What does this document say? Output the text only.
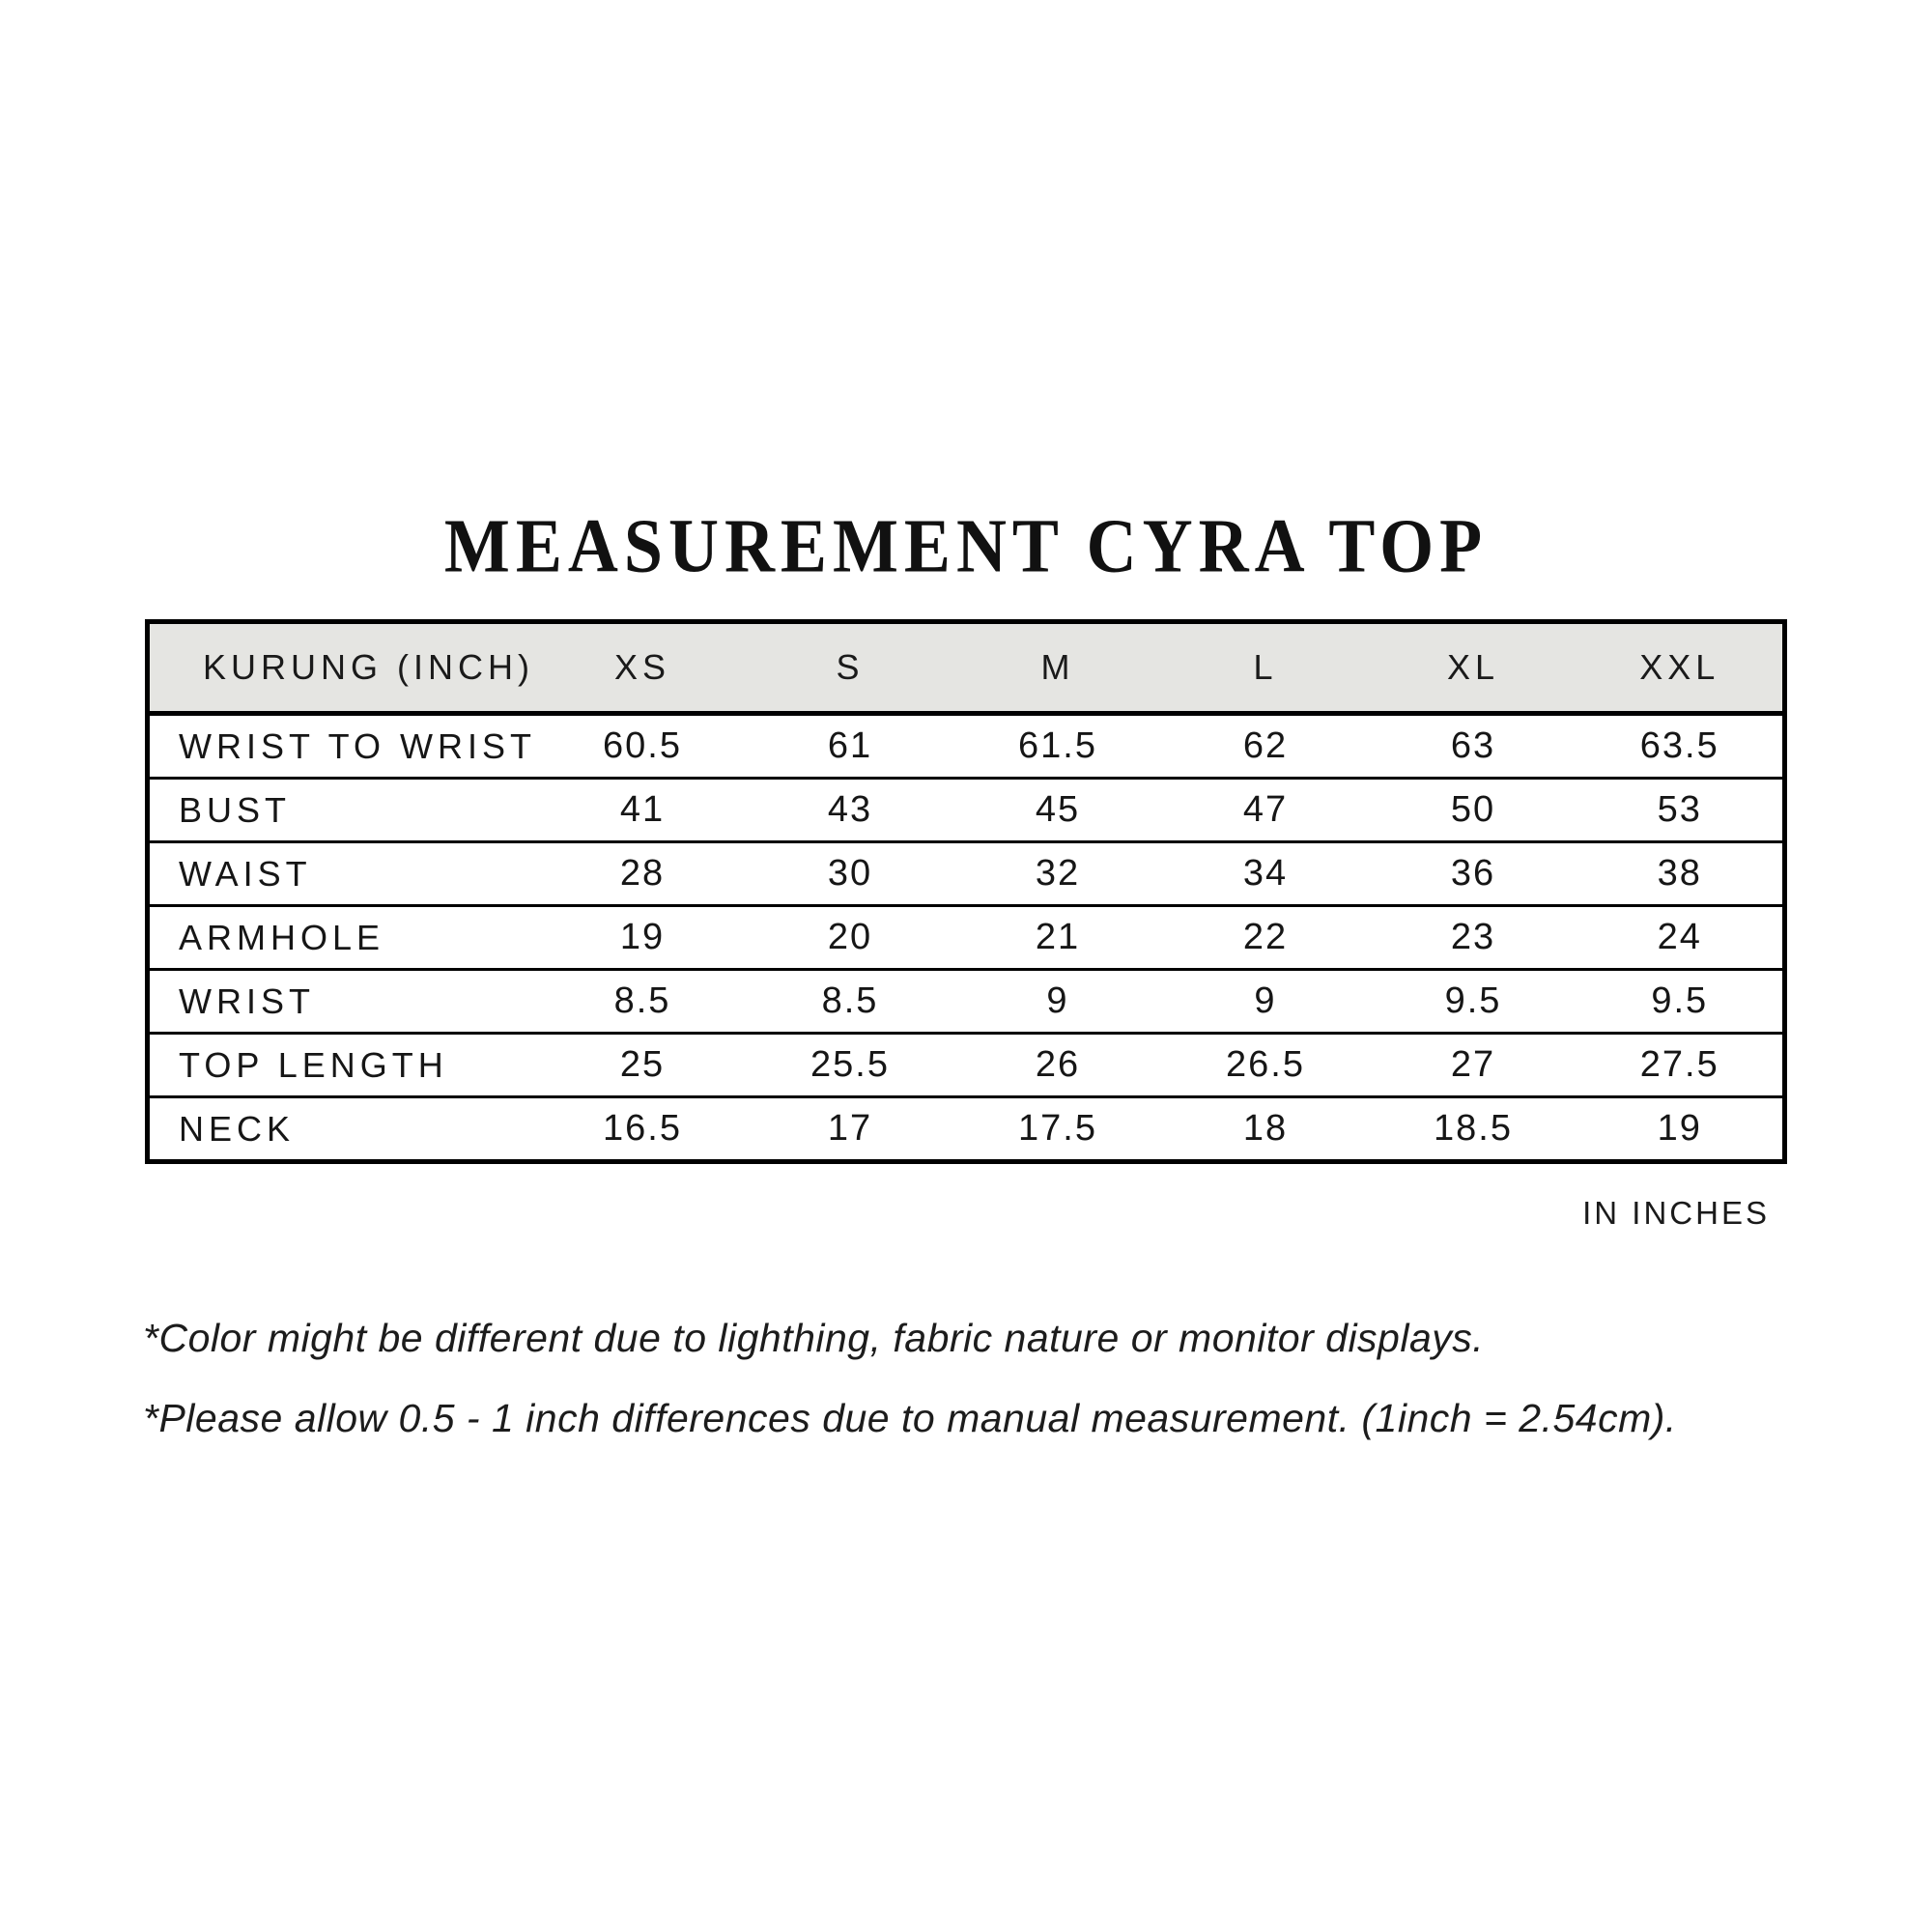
MEASUREMENT CYRA TOP
KURUNG (INCH)	XS	S	M	L	XL	XXL
WRIST TO WRIST	60.5	61	61.5	62	63	63.5
BUST	41	43	45	47	50	53
WAIST	28	30	32	34	36	38
ARMHOLE	19	20	21	22	23	24
WRIST	8.5	8.5	9	9	9.5	9.5
TOP LENGTH	25	25.5	26	26.5	27	27.5
NECK	16.5	17	17.5	18	18.5	19
IN INCHES

*Color might be different due to lighthing, fabric nature or monitor displays.

*Please allow 0.5 - 1 inch differences due to manual measurement. (1inch = 2.54cm).
